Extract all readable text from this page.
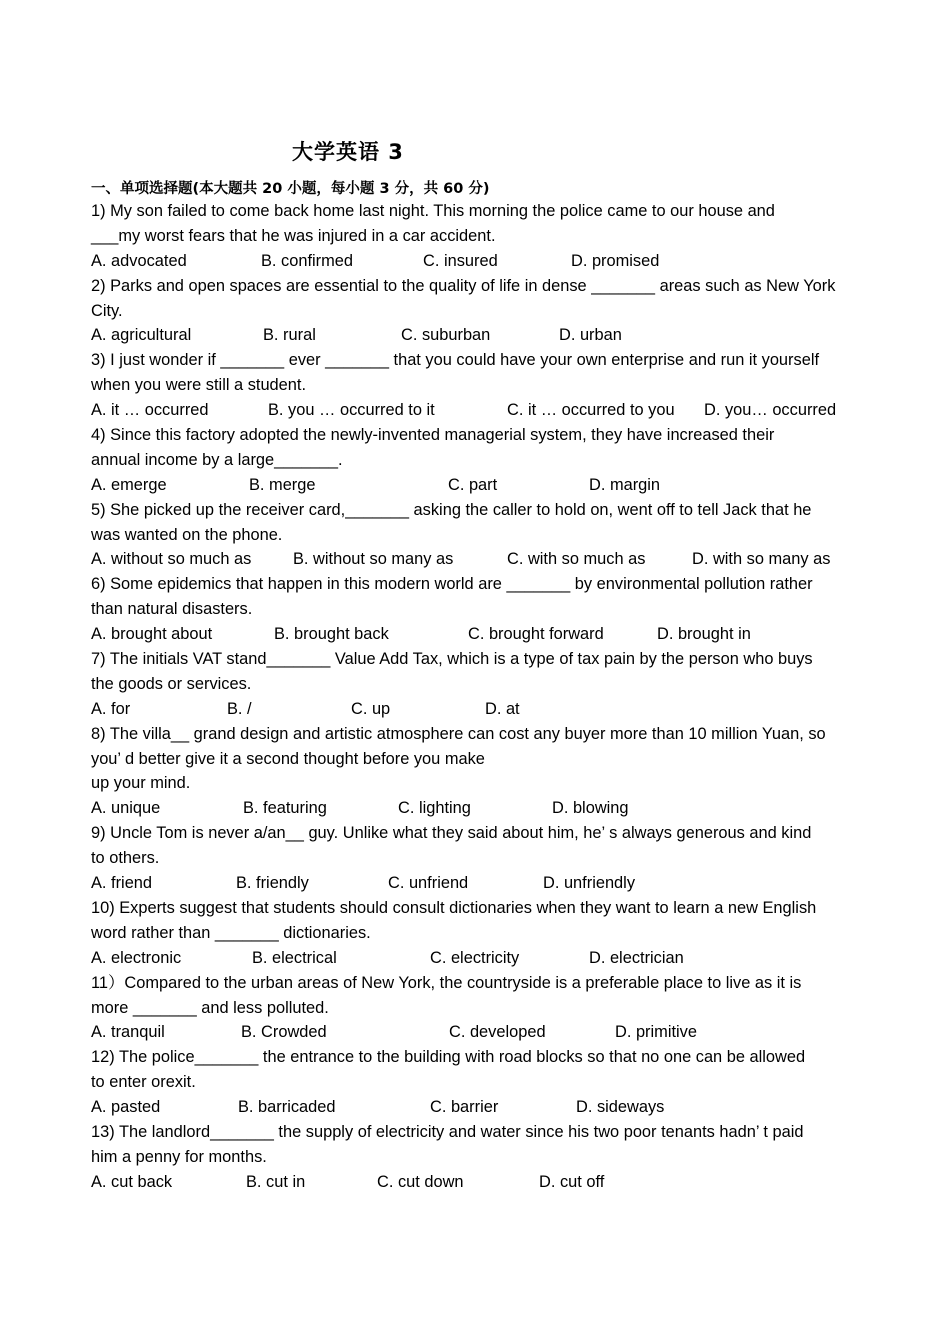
大学英语 3
一、单项选择题(本大题共 20 小题，每小题 3 分，共 60 分)
1) My son failed to come back home last night. This morning the police came to our house and
___my worst fears that he was injured in a car accident.
A. advocated	B. confirmed	C. insured	D. promised
2) Parks and open spaces are essential to the quality of life in dense _______ areas such as New York
City.
A. agricultural	B. rural	C. suburban	D. urban
3) I just wonder if _______ ever _______ that you could have your own enterprise and run it yourself
when you were still a student.
A. it … occurred	B. you … occurred to it	C. it … occurred to you D. you… occurred
4) Since this factory adopted the newly-invented managerial system, they have increased their
annual income by a large_______.
A. emerge	B. merge	C. part	D. margin
5) She picked up the receiver card,_______ asking the caller to hold on, went off to tell Jack that he
was wanted on the phone.
A. without so much as	B. without so many as	C. with so much as	D. with so many as
6) Some epidemics that happen in this modern world are _______ by environmental pollution rather
than natural disasters.
A. brought about	B. brought back	C. brought forward	D. brought in
7) The initials VAT stand_______ Value Add Tax, which is a type of tax pain by the person who buys
the goods or services.
A. for	B. /	C. up	D. at
8) The villa__ grand design and artistic atmosphere can cost any buyer more than 10 million Yuan, so
you’ d better give it a second thought before you make
up your mind.
A. unique	B. featuring	C. lighting	D. blowing
9) Uncle Tom is never a/an__ guy. Unlike what they said about him, he’ s always generous and kind
to others.
A. friend	B. friendly	C. unfriend	D. unfriendly
10) Experts suggest that students should consult dictionaries when they want to learn a new English
word rather than _______ dictionaries.
A. electronic	B. electrical	C. electricity	D. electrician
11）Compared to the urban areas of New York, the countryside is a preferable place to live as it is
more _______ and less polluted.
A. tranquil	B. Crowded	C. developed	D. primitive
12) The police_______ the entrance to the building with road blocks so that no one can be allowed
to enter orexit.
A. pasted	B. barricaded	C. barrier	D. sideways
13) The landlord_______ the supply of electricity and water since his two poor tenants hadn’ t paid
him a penny for months.
A. cut back	B. cut in	C. cut down	D. cut off
